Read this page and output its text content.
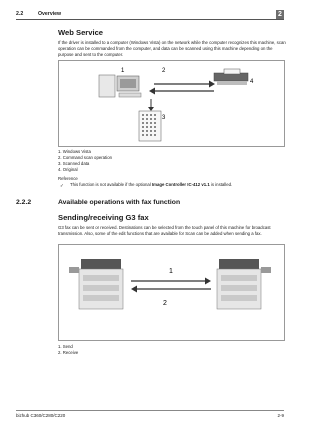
2.2	Overview	2
Web Service
If the driver is installed to a computer (Windows Vista) on the network while the computer recognizes this machine, scan operation can be commanded from the computer, and data can be scanned using this machine depending on the purpose and sent to the computer.
1	2
3
4
1. Windows Vista
2. Command scan operation
3. Scanned data
4. Original
Reference
✓ This function is not available if the optional Image Controller IC-412 v1.1 is installed.
2.2.2	Available operations with fax function
Sending/receiving G3 fax
G3 fax can be sent or received. Destinations can be selected from the touch panel of this machine for broadcast transmission. Also, some of the edit functions that are available for Scan can be added when sending a fax.
1
2
1. Send
2. Receive
bizhub C360/C280/C220	2-9
